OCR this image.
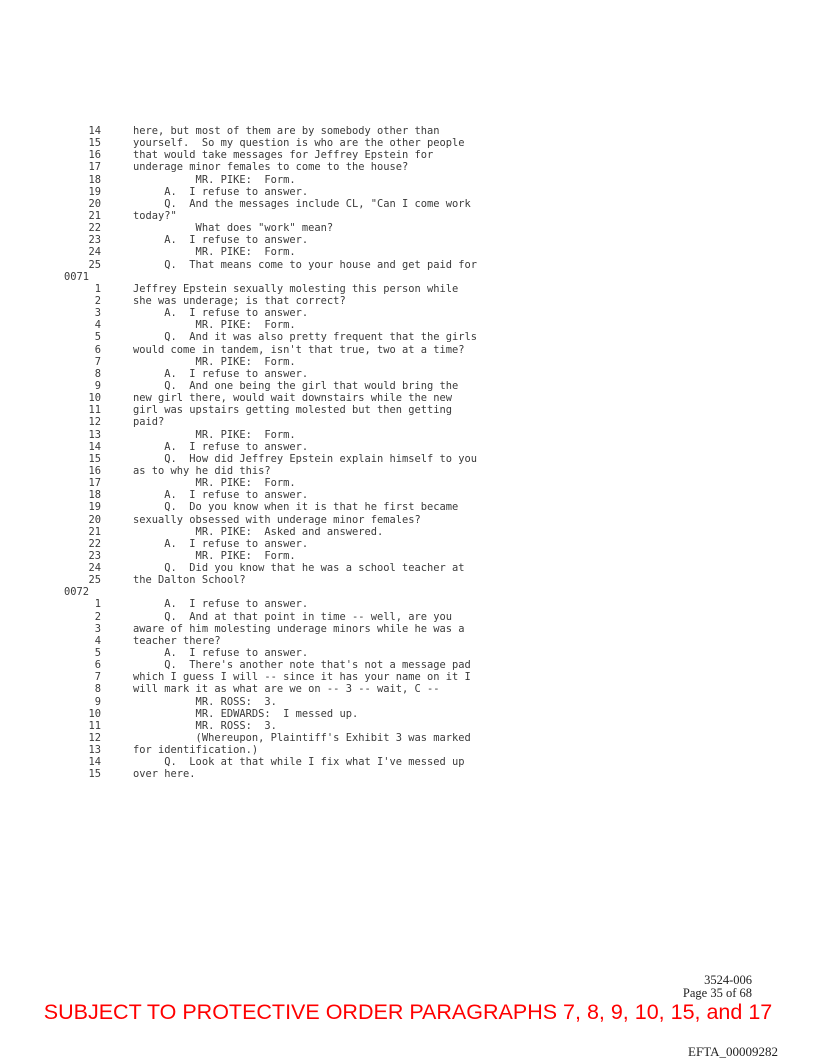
14	here, but most of them are by somebody other than
15	yourself.  So my question is who are the other people
16	that would take messages for Jeffrey Epstein for
17	underage minor females to come to the house?
18	MR. PIKE:  Form.
19	A.  I refuse to answer.
20	Q.  And the messages include CL, "Can I come work
21	today?"
22	What does "work" mean?
23	A.  I refuse to answer.
24	MR. PIKE:  Form.
25	Q.  That means come to your house and get paid for
0071
1	Jeffrey Epstein sexually molesting this person while
2	she was underage; is that correct?
3	A.  I refuse to answer.
4	MR. PIKE:  Form.
5	Q.  And it was also pretty frequent that the girls
6	would come in tandem, isn't that true, two at a time?
7	MR. PIKE:  Form.
8	A.  I refuse to answer.
9	Q.  And one being the girl that would bring the
10	new girl there, would wait downstairs while the new
11	girl was upstairs getting molested but then getting
12	paid?
13	MR. PIKE:  Form.
14	A.  I refuse to answer.
15	Q.  How did Jeffrey Epstein explain himself to you
16	as to why he did this?
17	MR. PIKE:  Form.
18	A.  I refuse to answer.
19	Q.  Do you know when it is that he first became
20	sexually obsessed with underage minor females?
21	MR. PIKE:  Asked and answered.
22	A.  I refuse to answer.
23	MR. PIKE:  Form.
24	Q.  Did you know that he was a school teacher at
25	the Dalton School?
0072
1	A.  I refuse to answer.
2	Q.  And at that point in time -- well, are you
3	aware of him molesting underage minors while he was a
4	teacher there?
5	A.  I refuse to answer.
6	Q.  There's another note that's not a message pad
7	which I guess I will -- since it has your name on it I
8	will mark it as what are we on -- 3 -- wait, C --
9	MR. ROSS:  3.
10	MR. EDWARDS:  I messed up.
11	MR. ROSS:  3.
12	(Whereupon, Plaintiff's Exhibit 3 was marked
13	for identification.)
14	Q.  Look at that while I fix what I've messed up
15	over here.
3524-006
Page 35 of 68
SUBJECT TO PROTECTIVE ORDER PARAGRAPHS 7, 8, 9, 10, 15, and 17
EFTA_00009282
